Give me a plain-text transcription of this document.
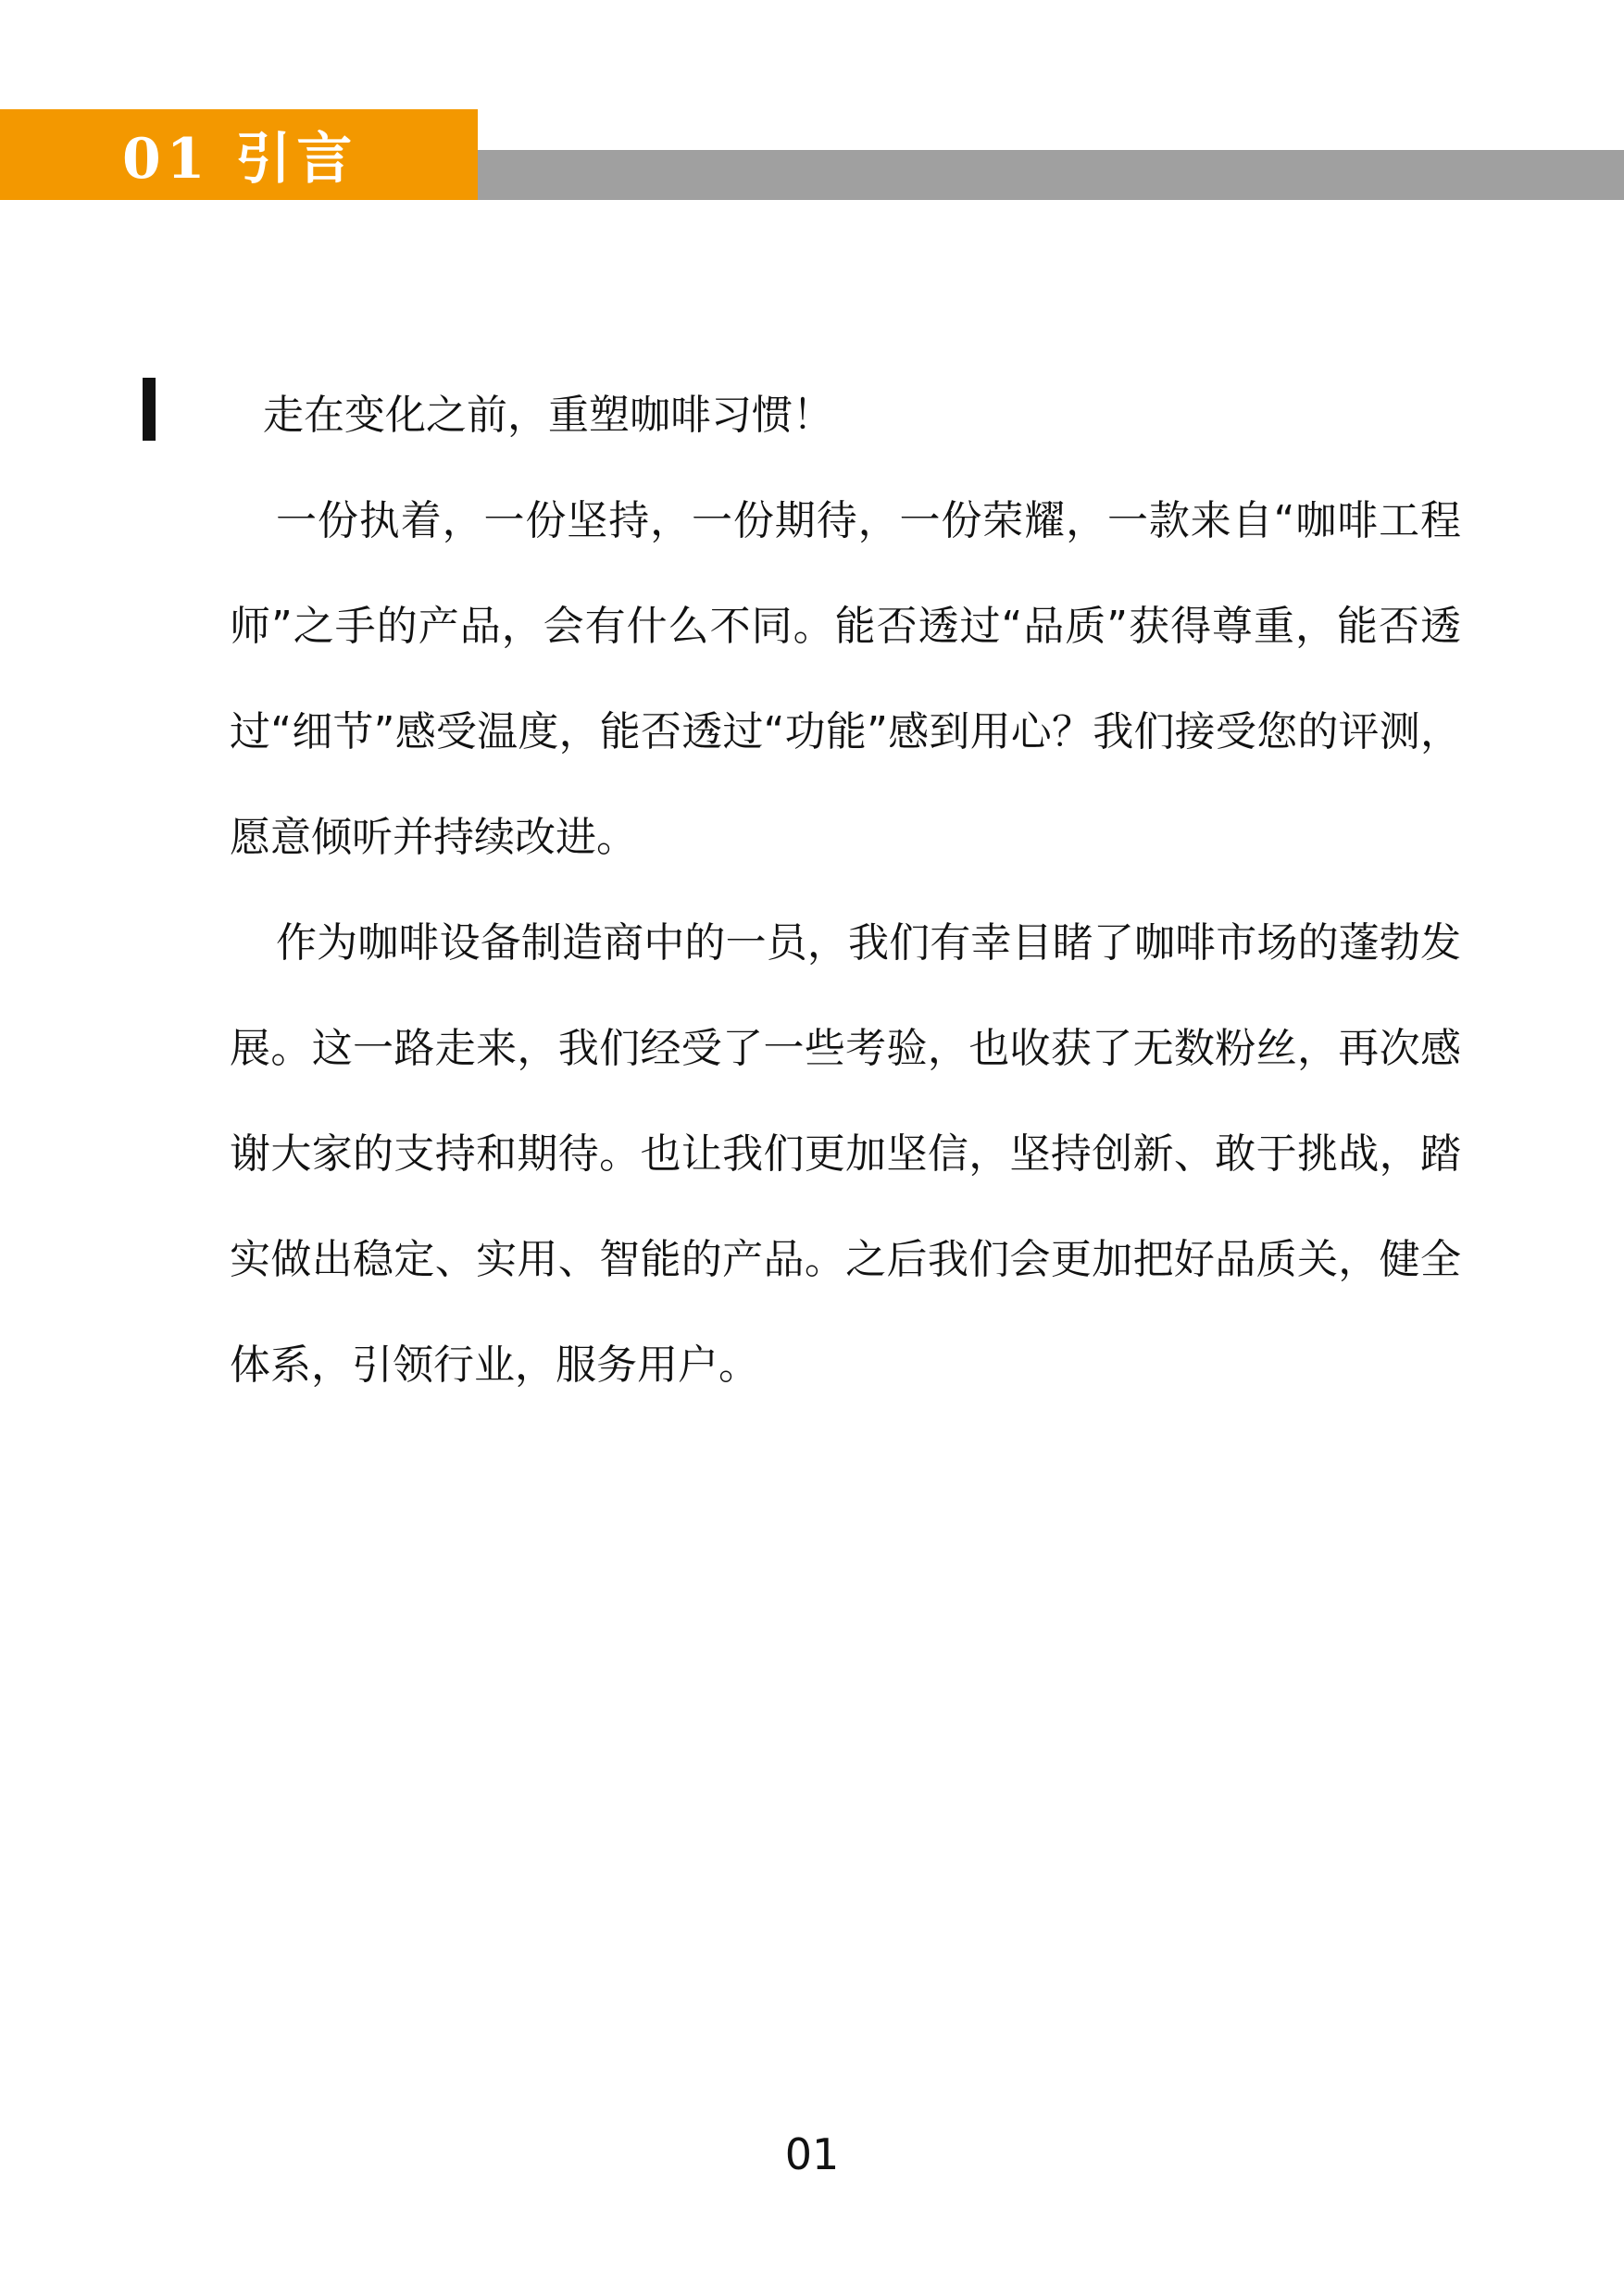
01 引言

走在变化之前，重塑咖啡习惯！

一份执着，一份坚持，一份期待，一份荣耀，一款来自“咖啡工程师”之手的产品，会有什么不同。能否透过“品质”获得尊重，能否透过“细节”感受温度，能否透过“功能”感到用心？我们接受您的评测，愿意倾听并持续改进。

作为咖啡设备制造商中的一员，我们有幸目睹了咖啡市场的蓬勃发展。这一路走来，我们经受了一些考验，也收获了无数粉丝，再次感谢大家的支持和期待。也让我们更加坚信，坚持创新、敢于挑战，踏实做出稳定、实用、智能的产品。之后我们会更加把好品质关，健全体系，引领行业，服务用户。

01
